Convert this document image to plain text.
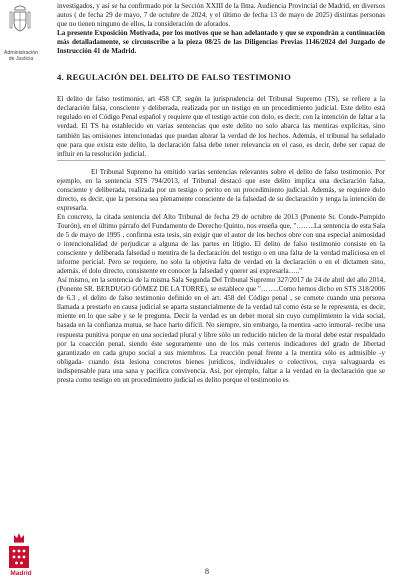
Administración de Justicia
Madrid

investigados, y así se ha confirmado por la Sección XXIII de la Ilma. Audiencia Provincial de Madrid, en diversos autos ( de fecha 29 de mayo, 7 de octubre de 2024, y el último de fecha 13 de mayo de 2025) distintas personas que no tienen ninguno de ellos, la consideración de aforados.

La presente Exposición Motivada, por los motivos que se han adelantado y que se expondrán a continuación más detalladamente, se circunscribe a la pieza 08/25 de las Diligencias Previas 1146/2024 del Juzgado de Instrucción 41 de Madrid.

4. REGULACIÓN DEL DELITO DE FALSO TESTIMONIO

El delito de falso testimonio, art 458 CP, según la jurisprudencia del Tribunal Supremo (TS), se refiere a la declaración falsa, consciente y deliberada, realizada por un testigo en un procedimiento judicial. Este delito está regulado en el Código Penal español y requiere que el testigo actúe con dolo, es decir, con la intención de faltar a la verdad. El TS ha establecido en varias sentencias que este delito no solo abarca las mentiras explícitas, sino también las omisiones intencionadas que puedan alterar la verdad de los hechos. Además, el tribunal ha señalado que para que exista este delito, la declaración falsa debe tener relevancia en el caso, es decir, debe ser capaz de influir en la resolución judicial.

El Tribunal Supremo ha emitido varias sentencias relevantes sobre el delito de falso testimonio. Por ejemplo, en la sentencia STS 794/2013, el Tribunal destacó que este delito implica una declaración falsa, consciente y deliberada, realizada por un testigo o perito en un procedimiento judicial. Además, se requiere dolo directo, es decir, que la persona sea plenamente consciente de la falsedad de su declaración y tenga la intención de expresarla.

En concreto, la citada sentencia del Alto Tribunal de fecha 29 de octubre de 2013 (Ponente Sr. Conde-Pumpido Tourón), en el último párrafo del Fundamento de Derecho Quinto, nos enseña que, "……..La sentencia de esta Sala de 5 de mayo de 1995 , confirma esta tesis, sin exigir que el autor de los hechos obre con una especial animosidad o intencionalidad de perjudicar a alguna de las partes en litigio. El delito de falso testimonio consiste en la consciente y deliberada falsedad o mentira de la declaración del testigo o en una falta de la verdad maliciosa en el informe pericial. Pero se requiere, no solo la objetiva falta de verdad en la declaración o en el dictamen sino, además, el dolo directo, consistente en conocer la falsedad y querer así expresarla….."

Así mismo, en la sentencia de la misma Sala Segunda Del Tribunal Supremo 327/2017 de 24 de abril del año 2014, (Ponente SR. BERDUGO GÓMEZ DE LA TORRE), se establece que "……..Como hemos dicho en STS 318/2006 de 6.3 , el delito de falso testimonio definido en el art. 458 del Código penal , se comete cuando una persona llamada a prestarlo en causa judicial se aparta sustancialmente de la verdad tal como ésta se le representa, es decir, miente en lo que sabe y se le pregunta. Decir la verdad es un deber moral sin cuyo cumplimiento la vida social, basada en la confianza mutua, se hace harto difícil. No siempre, sin embargo, la mentira -acto inmoral- recibe una respuesta punitiva porque en una sociedad plural y libre sólo un reducido núcleo de la moral debe estar respaldado por la coacción penal, siendo éste seguramente uno de los más certeros indicadores del grado de libertad garantizado en cada grupo social a sus miembros. La reacción penal frente a la mentira sólo es admisible -y obligada- cuando ésta lesiona concretos bienes jurídicos, individuales o colectivos, cuya salvaguarda es indispensable para una sana y pacífica convivencia. Así, por ejemplo, faltar a la verdad en la declaración que se presta como testigo en un procedimiento judicial es delito porque el testimonio es

8
